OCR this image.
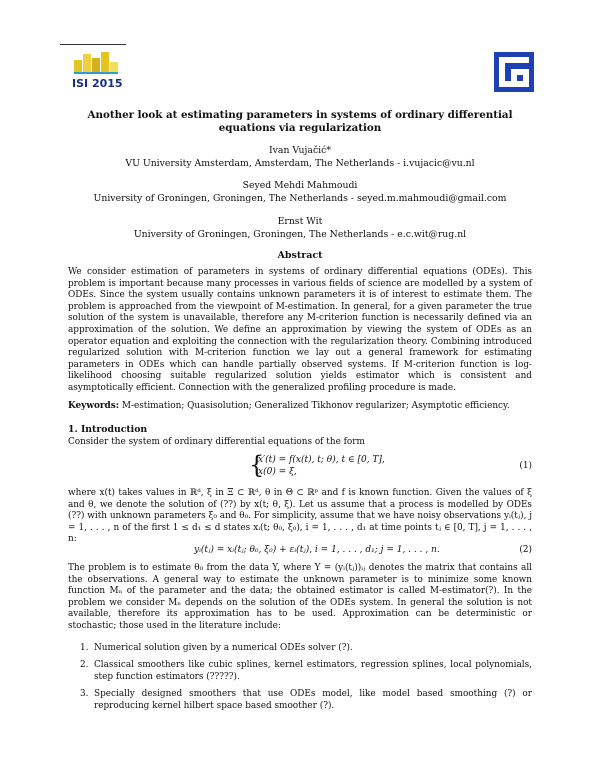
ISI 2015
Another look at estimating parameters in systems of ordinary differential equations via regularization
Ivan Vujačić*
VU University Amsterdam, Amsterdam, The Netherlands - i.vujacic@vu.nl
Seyed Mehdi Mahmoudi
University of Groningen, Groningen, The Netherlands - seyed.m.mahmoudi@gmail.com
Ernst Wit
University of Groningen, Groningen, The Netherlands - e.c.wit@rug.nl
Abstract
We consider estimation of parameters in systems of ordinary differential equations (ODEs). This problem is important because many processes in various fields of science are modelled by a system of ODEs. Since the system usually contains unknown parameters it is of interest to estimate them. The problem is approached from the viewpoint of M-estimation. In general, for a given parameter the true solution of the system is unavailable, therefore any M-criterion function is necessarily defined via an approximation of the solution. We define an approximation by viewing the system of ODEs as an operator equation and exploiting the connection with the regularization theory. Combining introduced regularized solution with M-criterion function we lay out a general framework for estimating parameters in ODEs which can handle partially observed systems. If M-criterion function is log-likelihood choosing suitable regularized solution yields estimator which is consistent and asymptotically efficient. Connection with the generalized profiling procedure is made.
Keywords: M-estimation; Quasisolution; Generalized Tikhonov regularizer; Asymptotic efficiency.
1. Introduction
Consider the system of ordinary differential equations of the form
{
x′(t) = f(x(t), t; θ), t ∈ [0, T],
x(0) = ξ,
(1)
where x(t) takes values in ℝᵈ, ξ in Ξ ⊂ ℝᵈ, θ in Θ ⊂ ℝᵖ and f is known function. Given the values of ξ and θ, we denote the solution of (??) by x(t; θ, ξ). Let us assume that a process is modelled by ODEs (??) with unknown parameters ξ₀ and θ₀. For simplicity, assume that we have noisy observations yᵢ(tⱼ), j = 1, . . . , n of the first 1 ≤ d₁ ≤ d states xᵢ(t; θ₀, ξ₀), i = 1, . . . , d₁ at time points tⱼ ∈ [0, T], j = 1, . . . , n:
yᵢ(tⱼ) = xᵢ(tⱼ; θ₀, ξ₀) + εᵢ(tⱼ), i = 1, . . . , d₁; j = 1, . . . , n.	(2)
The problem is to estimate θ₀ from the data Y, where Y = (yᵢ(tⱼ))ᵢⱼ denotes the matrix that contains all the observations. A general way to estimate the unknown parameter is to minimize some known function Mₙ of the parameter and the data; the obtained estimator is called M-estimator(?). In the problem we consider Mₙ depends on the solution of the ODEs system. In general the solution is not available, therefore its approximation has to be used. Approximation can be deterministic or stochastic; those used in the literature include:
1. Numerical solution given by a numerical ODEs solver (?).
2. Classical smoothers like cubic splines, kernel estimators, regression splines, local polynomials, step function estimators (?????).
3. Specially designed smoothers that use ODEs model, like model based smoothing (?) or reproducing kernel hilbert space based smoother (?).
